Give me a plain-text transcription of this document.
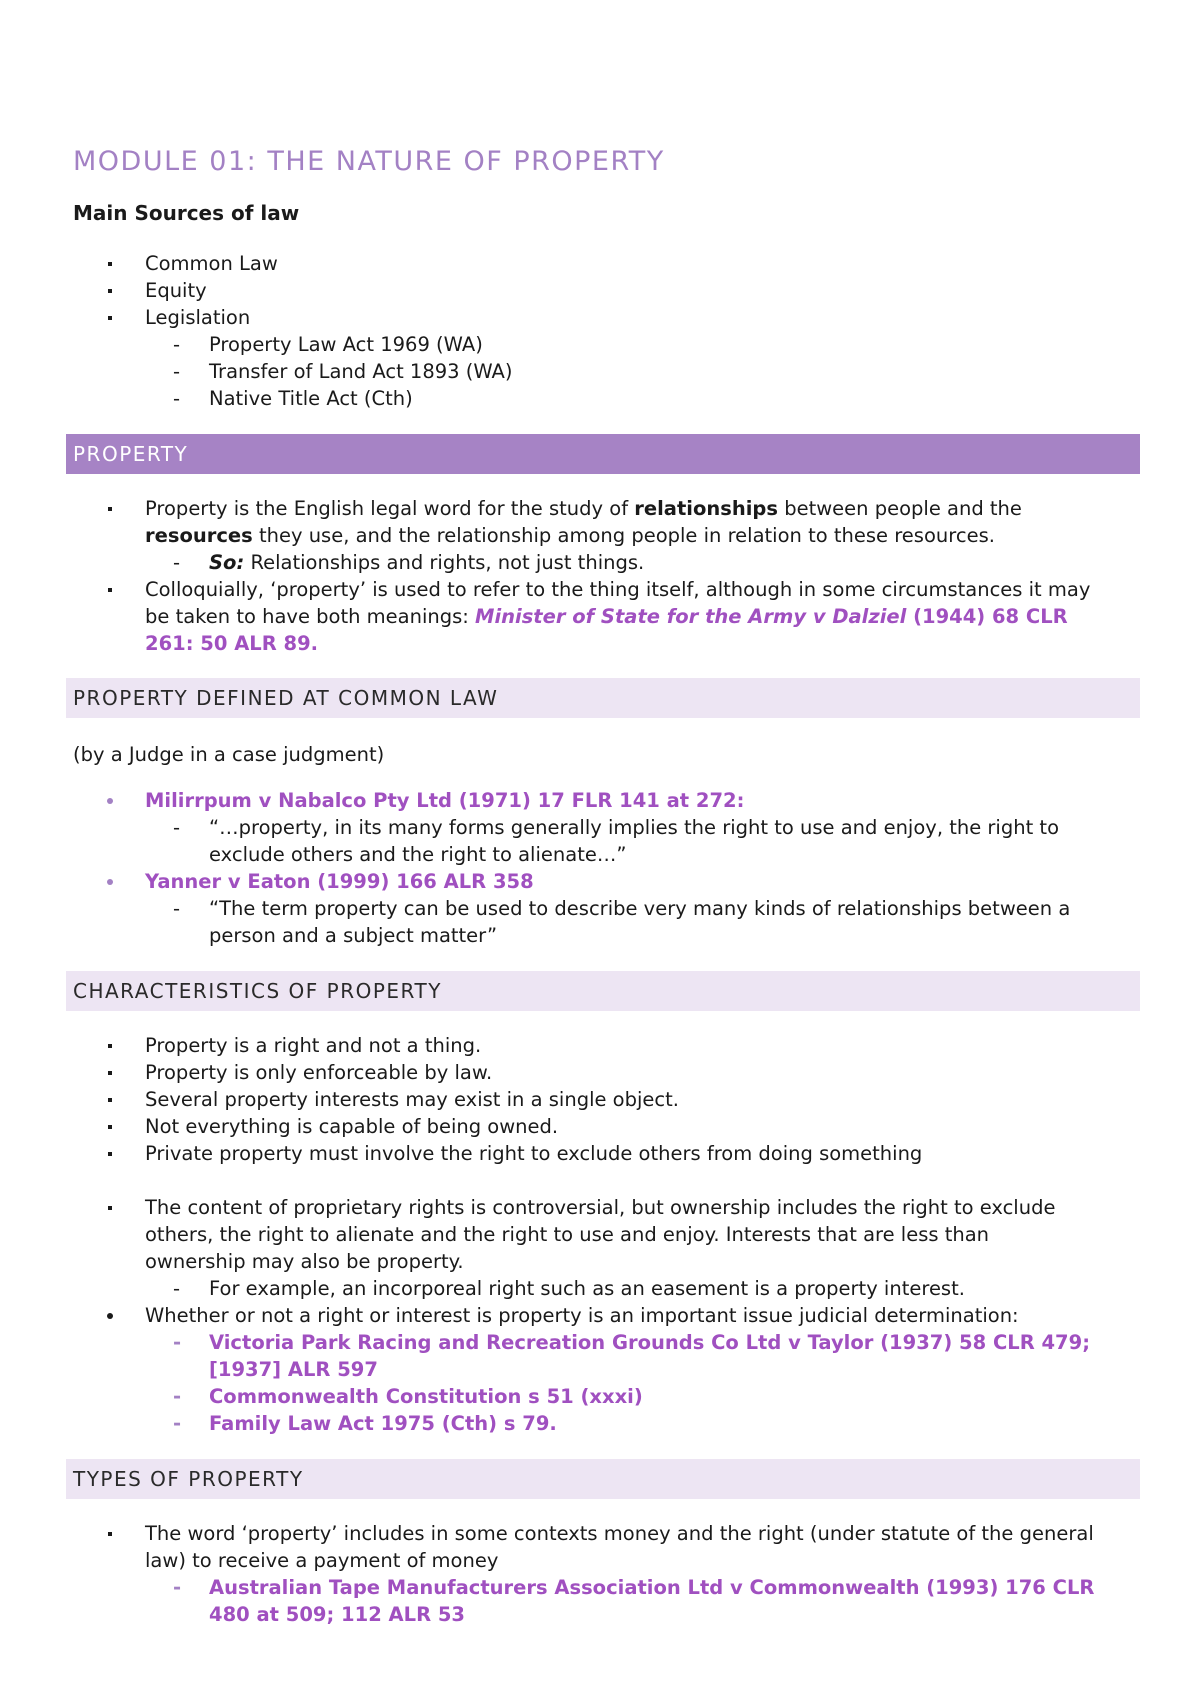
MODULE 01: THE NATURE OF PROPERTY
Main Sources of law
Common Law
Equity
Legislation
Property Law Act 1969 (WA)
Transfer of Land Act 1893 (WA)
Native Title Act (Cth)
PROPERTY
Property is the English legal word for the study of relationships between people and the
resources they use, and the relationship among people in relation to these resources.
So: Relationships and rights, not just things.
Colloquially, ‘property’ is used to refer to the thing itself, although in some circumstances it may
be taken to have both meanings: Minister of State for the Army v Dalziel (1944) 68 CLR
261: 50 ALR 89.
PROPERTY DEFINED AT COMMON LAW
(by a Judge in a case judgment)
Milirrpum v Nabalco Pty Ltd (1971) 17 FLR 141 at 272:
“…property, in its many forms generally implies the right to use and enjoy, the right to
exclude others and the right to alienate…”
Yanner v Eaton (1999) 166 ALR 358
“The term property can be used to describe very many kinds of relationships between a
person and a subject matter”
CHARACTERISTICS OF PROPERTY
Property is a right and not a thing.
Property is only enforceable by law.
Several property interests may exist in a single object.
Not everything is capable of being owned.
Private property must involve the right to exclude others from doing something
The content of proprietary rights is controversial, but ownership includes the right to exclude
others, the right to alienate and the right to use and enjoy. Interests that are less than
ownership may also be property.
For example, an incorporeal right such as an easement is a property interest.
Whether or not a right or interest is property is an important issue judicial determination:
Victoria Park Racing and Recreation Grounds Co Ltd v Taylor (1937) 58 CLR 479;
[1937] ALR 597
Commonwealth Constitution s 51 (xxxi)
Family Law Act 1975 (Cth) s 79.
TYPES OF PROPERTY
The word ‘property’ includes in some contexts money and the right (under statute of the general
law) to receive a payment of money
Australian Tape Manufacturers Association Ltd v Commonwealth (1993) 176 CLR
480 at 509; 112 ALR 53
